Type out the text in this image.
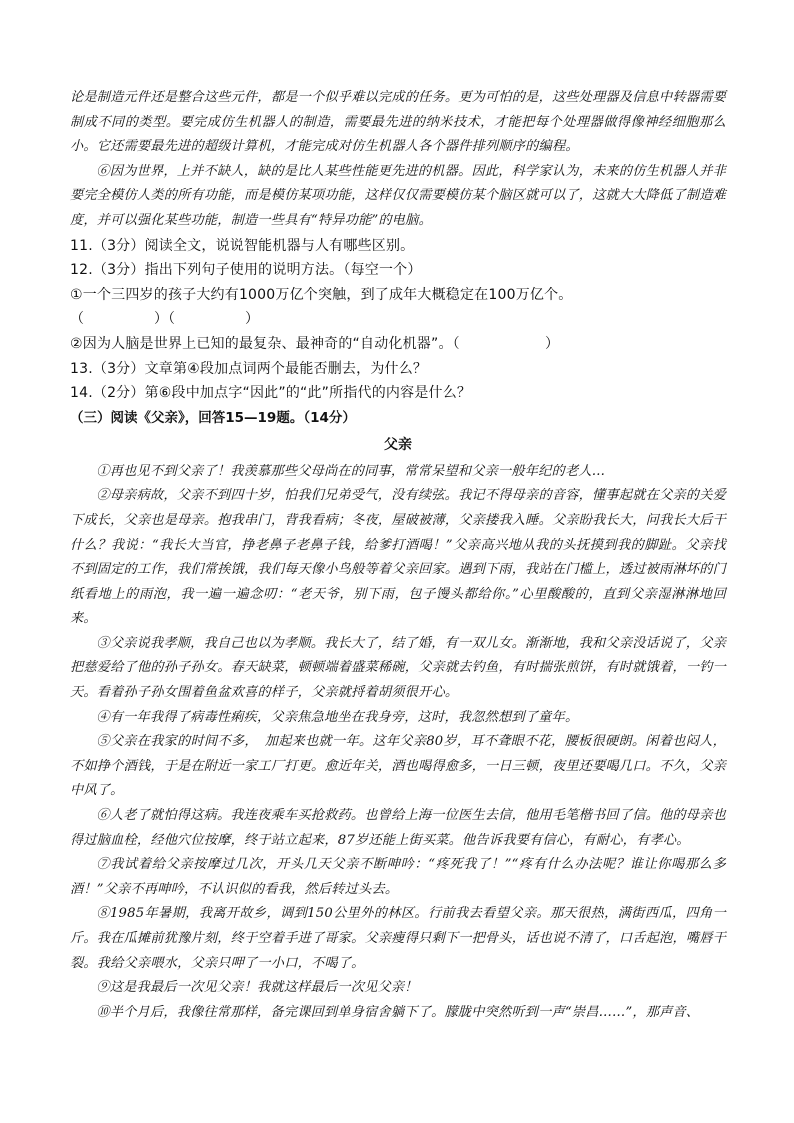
论是制造元件还是整合这些元件，都是一个似乎难以完成的任务。更为可怕的是，这些处理器及信息中转器需要制成不同的类型。要完成仿生机器人的制造，需要最先进的纳米技术，才能把每个处理器做得像神经细胞那么小。它还需要最先进的超级计算机，才能完成对仿生机器人各个器件排列顺序的编程。

⑥因为世界，上并不缺人，缺的是比人某些性能更先进的机器。因此，科学家认为，未来的仿生机器人并非要完全模仿人类的所有功能，而是模仿某项功能，这样仅仅需要模仿某个脑区就可以了，这就大大降低了制造难度，并可以强化某些功能，制造一些具有“特异功能”的电脑。

11.（3分）阅读全文，说说智能机器与人有哪些区别。

12.（3分）指出下列句子使用的说明方法。（每空一个）

①一个三四岁的孩子大约有1000万亿个突触，到了成年大概稳定在100万亿个。

（　　　　　）（　　　　　）

②因为人脑是世界上已知的最复杂、最神奇的“自动化机器”。（　　　　　　）

13.（3分）文章第④段加点词两个最能否删去，为什么？

14.（2分）第⑥段中加点字“因此”的“此”所指代的内容是什么？

（三）阅读《父亲》，回答15—19题。（14分）

父亲

①再也见不到父亲了！我羡慕那些父母尚在的同事，常常呆望和父亲一般年纪的老人…

②母亲病故，父亲不到四十岁，怕我们兄弟受气，没有续弦。我记不得母亲的音容，懂事起就在父亲的关爱下成长，父亲也是母亲。抱我串门，背我看病；冬夜，屋破被薄，父亲搂我入睡。父亲盼我长大，问我长大后干什么？我说：“我长大当官，挣老鼻子老鼻子钱，给爹打酒喝！”父亲高兴地从我的头抚摸到我的脚趾。父亲找不到固定的工作，我们常挨饿，我们每天像小鸟般等着父亲回家。遇到下雨，我站在门槛上，透过被雨淋坏的门纸看地上的雨泡，我一遍一遍念叨：“老天爷，别下雨，包子馒头都给你。”心里酸酸的，直到父亲湿淋淋地回来。

③父亲说我孝顺，我自己也以为孝顺。我长大了，结了婚，有一双儿女。渐渐地，我和父亲没话说了，父亲把慈爱给了他的孙子孙女。春天缺菜，顿顿端着盛菜稀碗，父亲就去钓鱼，有时揣张煎饼，有时就饿着，一钓一天。看着孙子孙女围着鱼盆欢喜的样子，父亲就捋着胡须很开心。

④有一年我得了病毒性痢疾，父亲焦急地坐在我身旁，这时，我忽然想到了童年。

⑤父亲在我家的时间不多，　加起来也就一年。这年父亲80岁，耳不聋眼不花，腰板很硬朗。闲着也闷人，不如挣个酒钱，于是在附近一家工厂打更。愈近年关，酒也喝得愈多，一日三顿，夜里还要喝几口。不久，父亲中风了。

⑥人老了就怕得这病。我连夜乘车买抢救药。也曾给上海一位医生去信，他用毛笔楷书回了信。他的母亲也得过脑血栓，经他穴位按摩，终于站立起来，87岁还能上街买菜。他告诉我要有信心，有耐心，有孝心。

⑦我试着给父亲按摩过几次，开头几天父亲不断呻吟：“疼死我了！”“疼有什么办法呢？谁让你喝那么多酒！”父亲不再呻吟，不认识似的看我，然后转过头去。

⑧1985年暑期，我离开故乡，调到150公里外的林区。行前我去看望父亲。那天很热，满街西瓜，四角一斤。我在瓜摊前犹豫片刻，终于空着手进了哥家。父亲瘦得只剩下一把骨头，话也说不清了，口舌起泡，嘴唇干裂。我给父亲喂水，父亲只呷了一小口，不喝了。

⑨这是我最后一次见父亲！我就这样最后一次见父亲！

⑩半个月后，我像往常那样，备完课回到单身宿舍躺下了。朦胧中突然听到一声“崇昌……”，那声音、
